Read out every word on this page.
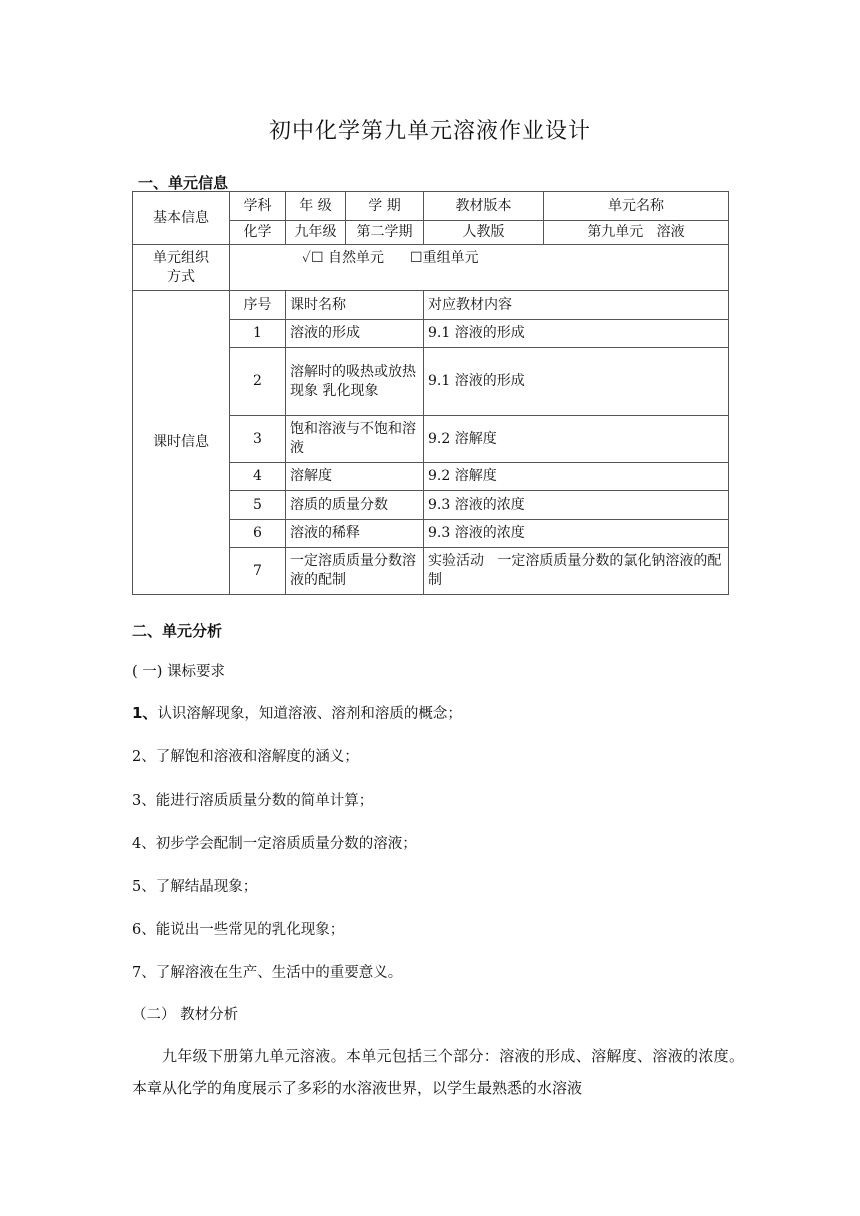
初中化学第九单元溶液作业设计
一、单元信息
基本信息	学科	年 级	学 期	教材版本	单元名称
	化学	九年级	第二学期	人教版	第九单元   溶液

单元组织
方式	✓☐ 自然单元 ☐重组单元				
课时信息	序号	课时名称		对应教材内容	
	1	溶液的形成		9.1 溶液的形成	
	2	溶解时的吸热或放热现象 乳化现象		9.1 溶液的形成	
	3	饱和溶液与不饱和溶液		9.2 溶解度	
	4	溶解度		9.2 溶解度	
	5	溶质的质量分数		9.3 溶液的浓度	
	6	溶液的稀释		9.3 溶液的浓度	
	7	一定溶质质量分数溶液的配制		实验活动   一定溶质质量分数的氯化钠溶液的配制	
二、单元分析
( 一) 课标要求
1、认识溶解现象，知道溶液、溶剂和溶质的概念；
2、了解饱和溶液和溶解度的涵义；
3、能进行溶质质量分数的简单计算；
4、初步学会配制一定溶质质量分数的溶液；
5、了解结晶现象；
6、能说出一些常见的乳化现象；
7、了解溶液在生产、生活中的重要意义。
（二） 教材分析
九年级下册第九单元溶液。本单元包括三个部分：溶液的形成、溶解度、溶液的浓度。本章从化学的角度展示了多彩的水溶液世界，以学生最熟悉的水溶液
